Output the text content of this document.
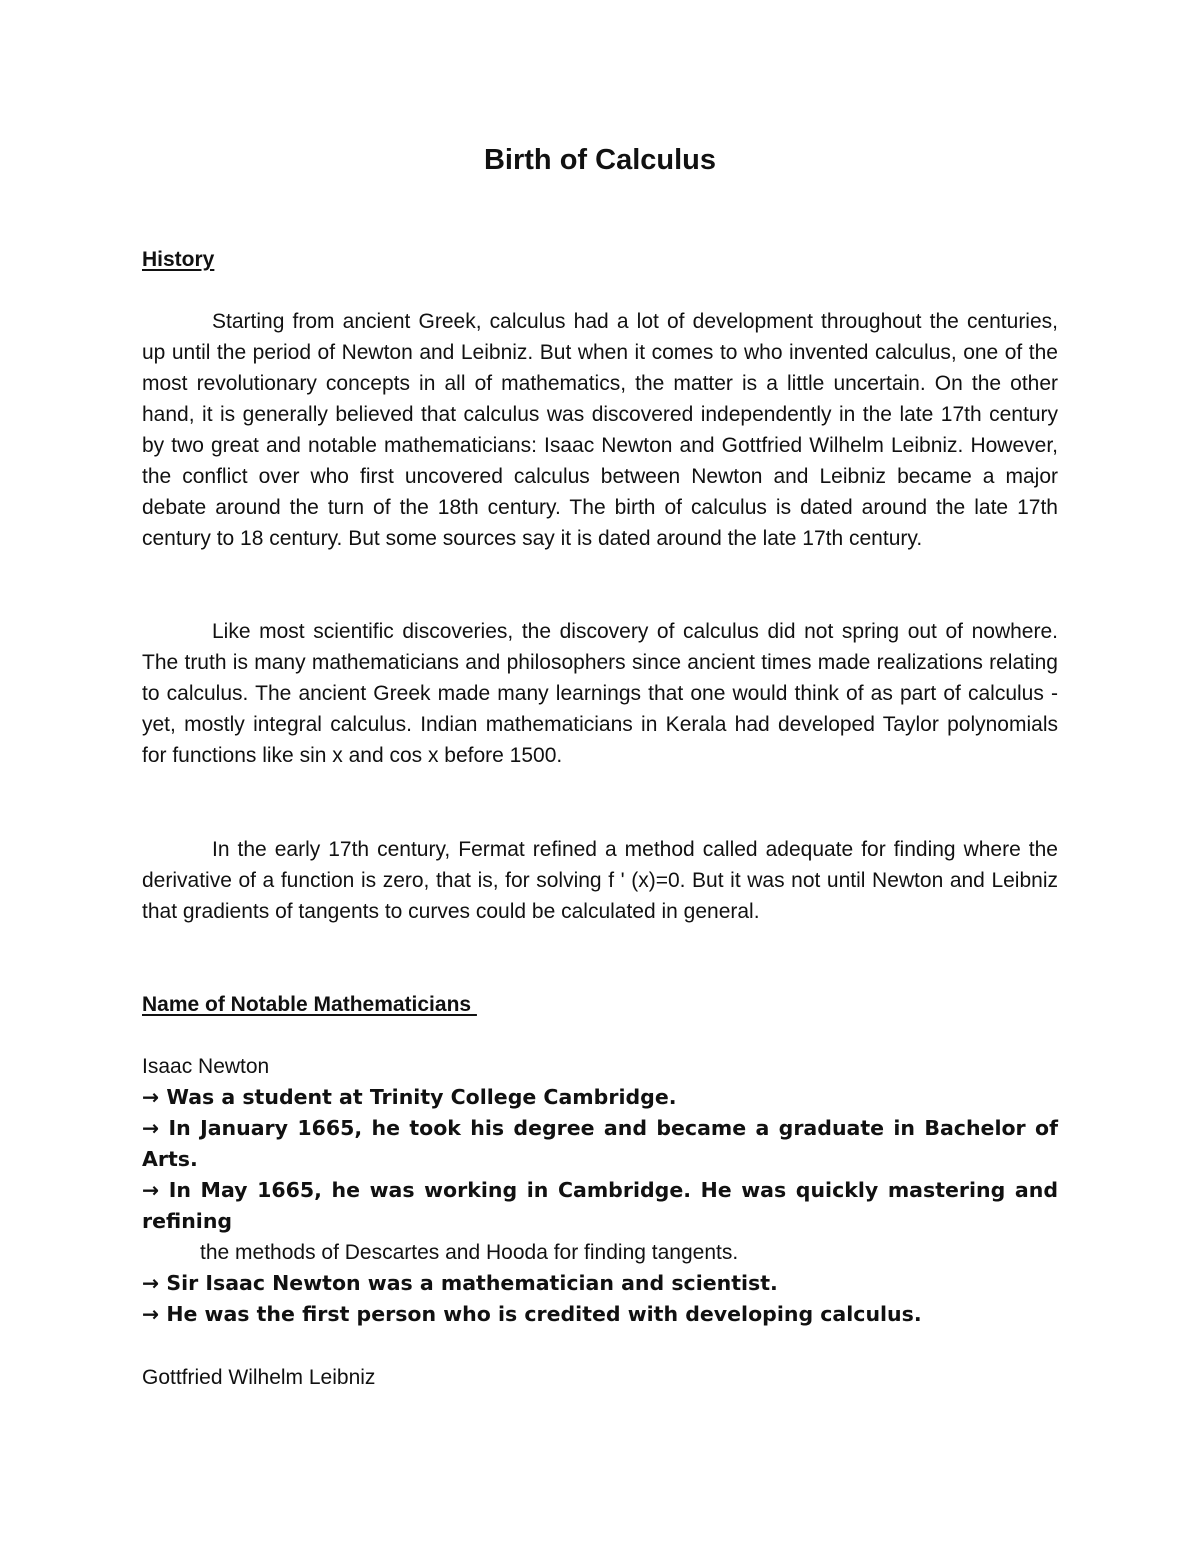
Birth of Calculus
History

Starting from ancient Greek, calculus had a lot of development throughout the centuries, up until the period of Newton and Leibniz. But when it comes to who invented calculus, one of the most revolutionary concepts in all of mathematics, the matter is a little uncertain. On the other hand, it is generally believed that calculus was discovered independently in the late 17th century by two great and notable mathematicians: Isaac Newton and Gottfried Wilhelm Leibniz. However, the conflict over who first uncovered calculus between Newton and Leibniz became a major debate around the turn of the 18th century. The birth of calculus is dated around the late 17th century to 18 century. But some sources say it is dated around the late 17th century.

Like most scientific discoveries, the discovery of calculus did not spring out of nowhere. The truth is many mathematicians and philosophers since ancient times made realizations relating to calculus. The ancient Greek made many learnings that one would think of as part of calculus - yet, mostly integral calculus. Indian mathematicians in Kerala had developed Taylor polynomials for functions like sin x and cos x before 1500.

In the early 17th century, Fermat refined a method called adequate for finding where the derivative of a function is zero, that is, for solving f ' (x)=0. But it was not until Newton and Leibniz that gradients of tangents to curves could be calculated in general.

Name of Notable Mathematicians

Isaac Newton

→ Was a student at Trinity College Cambridge.

→ In January 1665, he took his degree and became a graduate in Bachelor of Arts.

→ In May 1665, he was working in Cambridge. He was quickly mastering and refining

the methods of Descartes and Hooda for finding tangents.

→ Sir Isaac Newton was a mathematician and scientist.

→ He was the first person who is credited with developing calculus.

Gottfried Wilhelm Leibniz
